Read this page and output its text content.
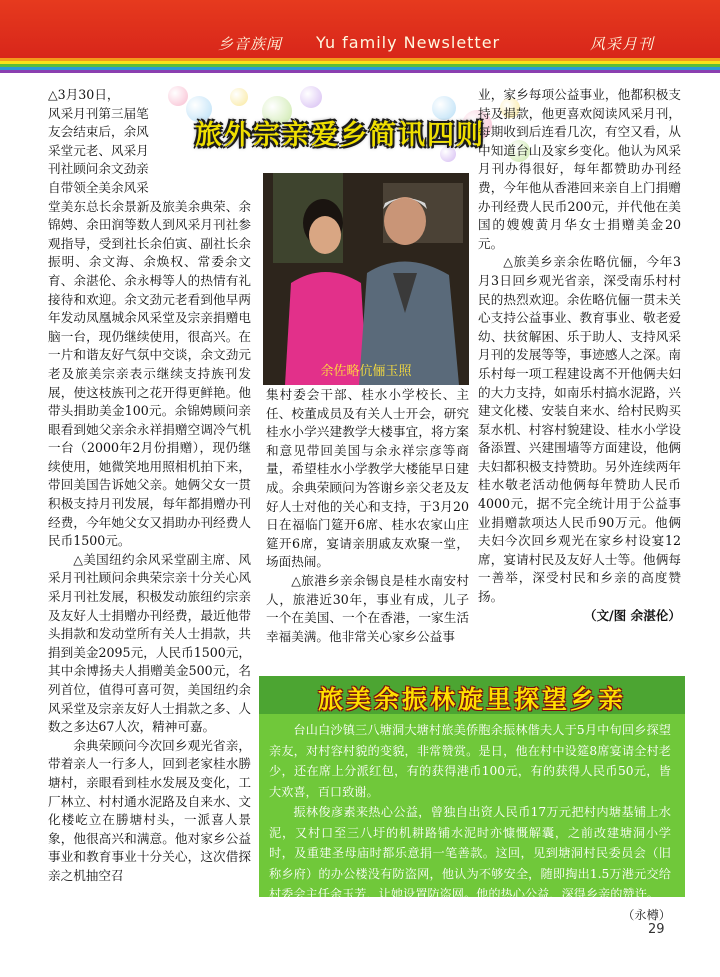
乡音族闻 Yu family Newsletter	风采月刊
旅外宗亲爱乡简讯四则

△3月30日，

风采月刊第三届笔

友会结束后，余风

采堂元老、风采月

刊社顾问余文劲亲

自带领全美余风采

堂美东总长余景新及旅美余典荣、余锦娉、余田润等数人到风采月刊社参观指导，受到社长余伯寅、副社长余振明、余文海、余焕权、常委余文育、余湛伦、余永栂等人的热情有礼接待和欢迎。余文劲元老看到他早两年发动凤凰城余风采堂及宗亲捐赠电脑一台，现仍继续使用，很高兴。在一片和谐友好气氛中交谈，余文劲元老及旅美宗亲表示继续支持族刊发展，使这枝族刊之花开得更鲜艳。他带头捐助美金100元。余锦娉顾问亲眼看到她父亲余永祥捐赠空调冷气机一台（2000年2月份捐赠），现仍继续使用，她微笑地用照相机拍下来，带回美国告诉她父亲。她俩父女一贯积极支持月刊发展，每年都捐赠办刊经费，今年她父女又捐助办刊经费人民币1500元。

△美国纽约余风采堂副主席、风采月刊社顾问余典荣宗亲十分关心风采月刊社发展，积极发动旅纽约宗亲及友好人士捐赠办刊经费，最近他带头捐款和发动堂所有关人士捐款，共捐到美金2095元，人民币1500元，其中余博扬夫人捐赠美金500元，名列首位，值得可喜可贺，美国纽约余风采堂及宗亲友好人士捐款之多、人数之多达67人次，精神可嘉。

余典荣顾问今次回乡观光省亲，带着亲人一行多人，回到老家桂水勝塘村，亲眼看到桂水发展及变化，工厂林立、村村通水泥路及自来水、文化楼屹立在勝塘村头，一派喜人景象，他很高兴和满意。他对家乡公益事业和教育事业十分关心，这次借探亲之机抽空召

余佐略伉俪玉照

集村委会干部、桂水小学校长、主任、校董成员及有关人士开会，研究桂水小学兴建教学大楼事宜，将方案和意见带回美国与余永祥宗彦等商量，希望桂水小学教学大楼能早日建成。余典荣顾问为答谢乡亲父老及友好人士对他的关心和支持，于3月20日在福临门筵开6席、桂水农家山庄筵开6席，宴请亲朋戚友欢聚一堂，场面热闹。

△旅港乡亲余锡良是桂水南安村人，旅港近30年，事业有成，儿子一个在美国、一个在香港，一家生活幸福美满。他非常关心家乡公益事

业，家乡每项公益事业，他都积极支持及捐款，他更喜欢阅读风采月刊，每期收到后连看几次，有空又看，从中知道台山及家乡变化。他认为风采月刊办得很好，每年都赞助办刊经费，今年他从香港回来亲自上门捐赠办刊经费人民币200元，并代他在美国的嫂嫂黄月华女士捐赠美金20元。

△旅美乡亲余佐略伉俪，今年3月3日回乡观光省亲，深受南乐村村民的热烈欢迎。余佐略伉俪一贯未关心支持公益事业、教育事业、敬老爱幼、扶贫解困、乐于助人、支持风采月刊的发展等等，事迹感人之深。南乐村每一项工程建设离不开他俩夫妇的大力支持，如南乐村搞水泥路，兴建文化楼、安装自来水、给村民购买泵水机、村容村貌建设、桂水小学设备添置、兴建围墙等方面建设，他俩夫妇都积极支持赞助。另外连续两年桂水敬老活动他俩每年赞助人民币4000元，据不完全统计用于公益事业捐赠款项达人民币90万元。他俩夫妇今次回乡观光在家乡村设宴12席，宴请村民及友好人士等。他俩每一善举，深受村民和乡亲的高度赞扬。

（文/图 余湛伦）

旅美余振林旋里探望乡亲

台山白沙镇三八塘洞大塘村旅美侨胞余振林偕夫人于5月中旬回乡探望亲友，对村容村貌的变貌，非常赞赏。是日，他在村中设筵8席宴请全村老少，还在席上分派红包，有的获得港币100元，有的获得人民币50元，皆大欢喜，百口致谢。

振林俊彦素来热心公益，曾独自出资人民币17万元把村内塘基铺上水泥，又村口至三八圩的机耕路铺水泥时亦慷慨解囊，之前改建塘洞小学时，及重建圣母庙时都乐意捐一笔善款。这回，见到塘洞村民委员会（旧称乡府）的办公楼没有防盗网，他认为不够安全，随即掏出1.5万港元交给村委会主任余玉芳，让她设置防盗网。他的热心公益，深得乡亲的赞许。

（永樽）

29
